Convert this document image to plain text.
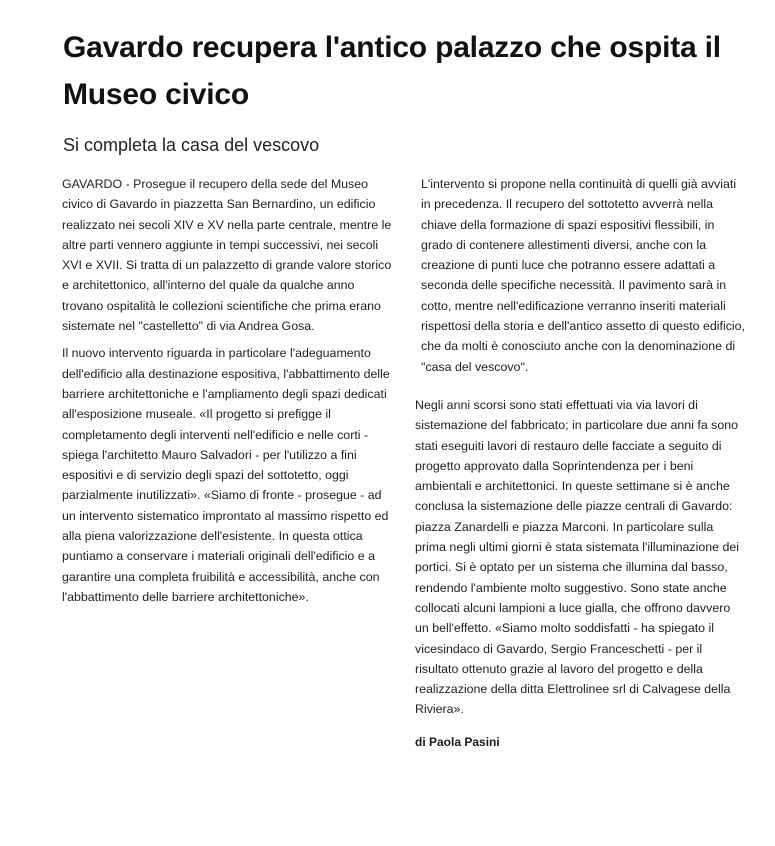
Gavardo recupera l'antico palazzo che ospita il Museo civico
Si completa la casa del vescovo

GAVARDO - Prosegue il recupero della sede del Museo civico di Gavardo in piazzetta San Bernardino, un edificio realizzato nei secoli XIV e XV nella parte centrale, mentre le altre parti vennero aggiunte in tempi successivi, nei secoli XVI e XVII. Si tratta di un palazzetto di grande valore storico e architettonico, all'interno del quale da qualche anno trovano ospitalità le collezioni scientifiche che prima erano sistemate nel "castelletto" di via Andrea Gosa.

Il nuovo intervento riguarda in particolare l'adeguamento dell'edificio alla destinazione espositiva, l'abbattimento delle barriere architettoniche e l'ampliamento degli spazi dedicati all'esposizione museale. «Il progetto si prefigge il completamento degli interventi nell'edificio e nelle corti - spiega l'architetto Mauro Salvadori - per l'utilizzo a fini espositivi e di servizio degli spazi del sottotetto, oggi parzialmente inutilizzati». «Siamo di fronte - prosegue - ad un intervento sistematico improntato al massimo rispetto ed alla piena valorizzazione dell'esistente. In questa ottica puntiamo a conservare i materiali originali dell'edificio e a garantire una completa fruibilità e accessibilità, anche con l'abbattimento delle barriere architettoniche».

L'intervento si propone nella continuità di quelli già avviati in precedenza. Il recupero del sottotetto avverrà nella chiave della formazione di spazi espositivi flessibili, in grado di contenere allestimenti diversi, anche con la creazione di punti luce che potranno essere adattati a seconda delle specifiche necessità. Il pavimento sarà in cotto, mentre nell'edificazione verranno inseriti materiali rispettosi della storia e dell'antico assetto di questo edificio, che da molti è conosciuto anche con la denominazione di "casa del vescovo".

Negli anni scorsi sono stati effettuati via via lavori di sistemazione del fabbricato; in particolare due anni fa sono stati eseguiti lavori di restauro delle facciate a seguito di progetto approvato dalla Soprintendenza per i beni ambientali e architettonici. In queste settimane si è anche conclusa la sistemazione delle piazze centrali di Gavardo: piazza Zanardelli e piazza Marconi. In particolare sulla prima negli ultimi giorni è stata sistemata l'illuminazione dei portici. Si è optato per un sistema che illumina dal basso, rendendo l'ambiente molto suggestivo. Sono state anche collocati alcuni lampioni a luce gialla, che offrono davvero un bell'effetto. «Siamo molto soddisfatti - ha spiegato il vicesindaco di Gavardo, Sergio Franceschetti - per il risultato ottenuto grazie al lavoro del progetto e della realizzazione della ditta Elettrolinee srl di Calvagese della Riviera».

di Paola Pasini
